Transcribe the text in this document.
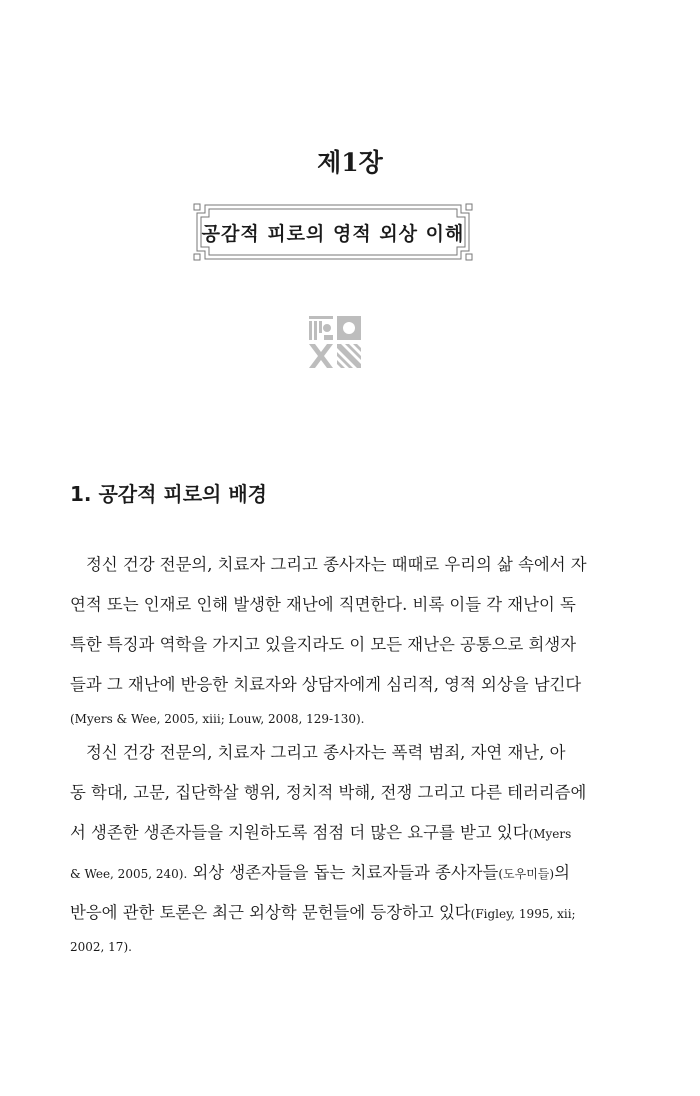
제1장
공감적 피로의 영적 외상 이해
1. 공감적 피로의 배경
정신 건강 전문의, 치료자 그리고 종사자는 때때로 우리의 삶 속에서 자
연적 또는 인재로 인해 발생한 재난에 직면한다. 비록 이들 각 재난이 독
특한 특징과 역학을 가지고 있을지라도 이 모든 재난은 공통으로 희생자
들과 그 재난에 반응한 치료자와 상담자에게 심리적, 영적 외상을 남긴다
(Myers & Wee, 2005, xiii; Louw, 2008, 129-130).
정신 건강 전문의, 치료자 그리고 종사자는 폭력 범죄, 자연 재난, 아
동 학대, 고문, 집단학살 행위, 정치적 박해, 전쟁 그리고 다른 테러리즘에
서 생존한 생존자들을 지원하도록 점점 더 많은 요구를 받고 있다(Myers
& Wee, 2005, 240). 외상 생존자들을 돕는 치료자들과 종사자들(도우미들)의
반응에 관한 토론은 최근 외상학 문헌들에 등장하고 있다(Figley, 1995, xii;
2002, 17).
